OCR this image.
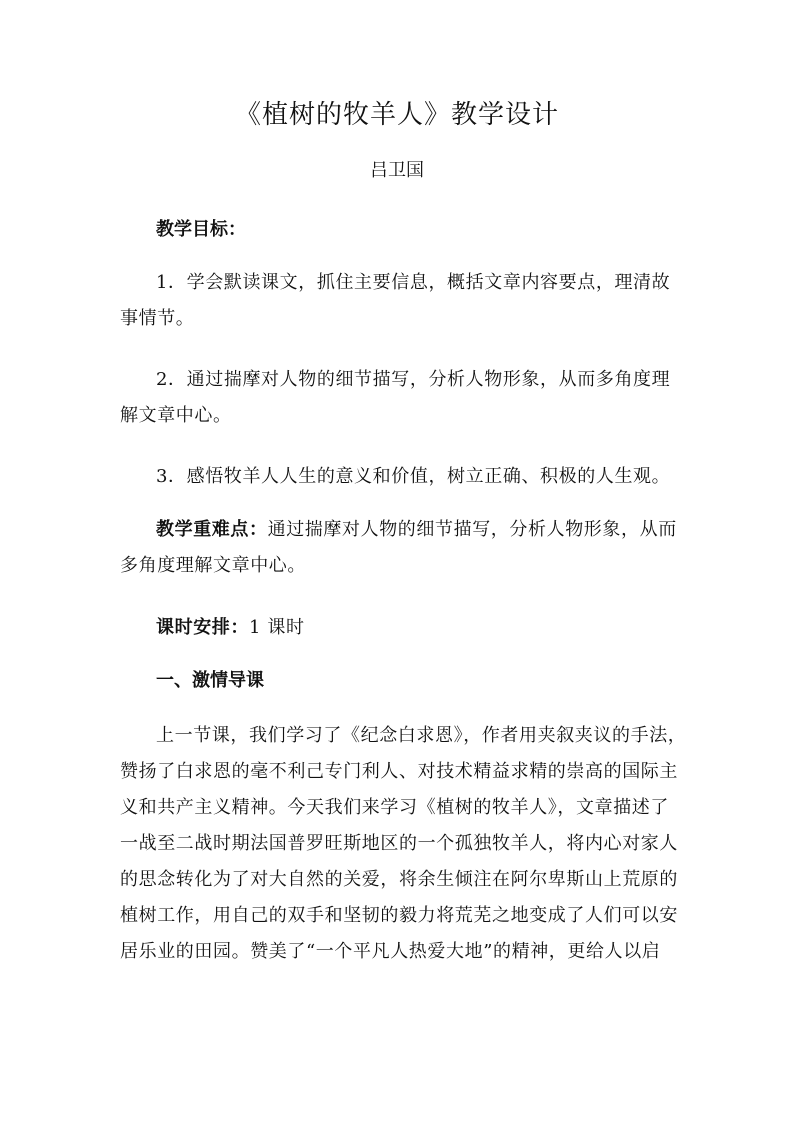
《植树的牧羊人》教学设计
吕卫国
教学目标：

1．学会默读课文，抓住主要信息，概括文章内容要点，理清故
事情节。

2．通过揣摩对人物的细节描写，分析人物形象，从而多角度理
解文章中心。

3．感悟牧羊人人生的意义和价值，树立正确、积极的人生观。

教学重难点：通过揣摩对人物的细节描写，分析人物形象，从而
多角度理解文章中心。

课时安排：1 课时

一、激情导课

上一节课，我们学习了《纪念白求恩》，作者用夹叙夹议的手法，
赞扬了白求恩的毫不利己专门利人、对技术精益求精的崇高的国际主
义和共产主义精神。今天我们来学习《植树的牧羊人》，文章描述了
一战至二战时期法国普罗旺斯地区的一个孤独牧羊人，将内心对家人
的思念转化为了对大自然的关爱，将余生倾注在阿尔卑斯山上荒原的
植树工作，用自己的双手和坚韧的毅力将荒芜之地变成了人们可以安
居乐业的田园。赞美了“一个平凡人热爱大地”的精神，更给人以启
